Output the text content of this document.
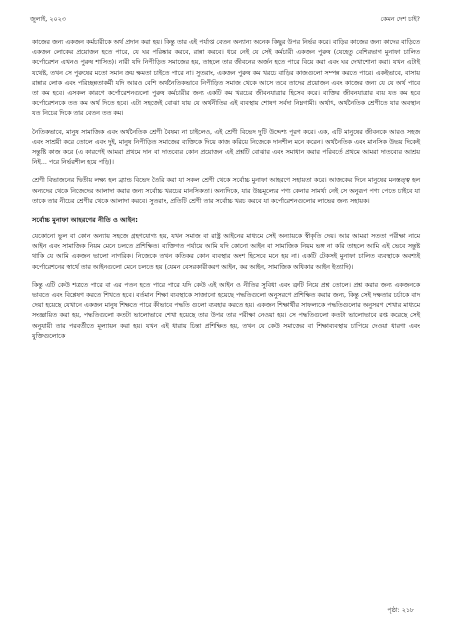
জুলাই, ২০২৩	কেমন দেশ চাই?

কাজের জন্য একজন কর্মচারীকে অর্থ প্রদান করা হয়। কিন্তু তার এই পর্যাপ্ত বেতন অন্যান্য অনেক কিছুর উপর নির্ভর করে। বাড়ির কাজের জন্য কাদের বাড়িতে একজন লোকের প্রয়োজন হতে পারে, যে ঘর পরিষ্কার করবে, রান্না করবে। ধরে নেই যে সেই কর্মচারী একজন পুরুষ (যেহেতু বেশিরভাগ মুনাফা চালিত কর্পোরেশন এখনও পুরুষ শাসিত)। নারী যদি নিপীড়িত সমাজের হয়, তাহলে তার জীবনের অর্জন হতে পারে বিয়ে করা এবং ঘর দেখাশোনা করা। যখন এটাই যথেষ্ট, তখন সে পুরুষের মতো সমান ক্রয় ক্ষমতা চাইতে পারে না। সুতরাং, একজন পুরুষ কম খরচে বাড়ির কাজগুলো সম্পন্ন করতে পারে। একইভাবে, বাসায় রান্নার লোক এবং পরিচ্ছন্নতাকর্মী যদি আরও বেশি অর্থনৈতিকভাবে নিপীড়িত সমাজ থেকে আসে তবে তাদের প্রয়োজন এবং কাজের জন্য যে যে অর্থ পাবে তা কম হবে। এসকল কারণে কর্পোরেশনগুলো পুরুষ কর্মচারীর জন্য একটি কম খরচের জীবনযাত্রার হিসেব করে। ব্যক্তির জীবনযাত্রার ব্যয় যত কম হবে কর্পোরেশনকে তত কম অর্থ দিতে হবে। এটা সহজেই বোঝা যায় যে অর্থনীতির এই ব্যবস্থায় শোষণ সর্বদা নিম্নগামী। অর্থাৎ, অর্থনৈতিক শ্রেণীতে যার অবস্থান যত নিচের দিকে তার বেতন তত কম।

নৈতিকভাবে, মানুষ সামাজিক এবং অর্থনৈতিক শ্রেণী বৈষম্য না চাইলেও, এই শ্রেণী বিভেদ দুটি উদ্দেশ্য পূরণ করে। এক, এটি মানুষের জীবনকে আরও সহজ এবং সাশ্রয়ী করে তোলে এবং দুই, মানুষ নিপীড়িত সমাজের ব্যক্তিকে দিয়ে কাজ করিয়ে নিজেকে দানশীল মনে করেন। অর্থনৈতিক এবং মানসিক উভয় দিকেই সন্তুষ্টি কাজ করে (এ কারণেই আমরা প্রথমে দান বা দাতব্যের কোন প্রয়োজন এই প্রশ্নটি বোঝার এবং সমাধান করার পরিবর্তে প্রথমে আমরা দাতব্যের আশ্রয় নিই... পরে নির্ভরশীল হয়ে পড়ি)।

শ্রেণী বিভাজনের দ্বিতীয় লক্ষ্য হল ব্র্যান্ড বিভেদ তৈরি করা যা সকল শ্রেণী থেকে সর্বোচ্চ মুনাফা আহরণে সহায়তা করে। আজকের দিনে মানুষের মনস্তত্ত্ব হল অন্যদের থেকে নিজেদের আলাদা করার জন্য সর্বোচ্চ খরচের মানসিকতা। অন্যদিকে, যার উচ্চমূল্যের পণ্য কেনার সামর্থ্য নেই সে অনুরূপ পণ্য পেতে চাইবে যা তাকে তার নীচের শ্রেণীর থেকে আলাদা করবে। সুতরাং, প্রতিটি শ্রেণী তার সর্বোচ্চ খরচ করবে যা কর্পোরেশনগুলোর লাভের জন্য সহায়ক।

সর্বোচ্চ মুনাফা আহরণের নীতি ও আইন:

যেকোনো ভুল বা কোন অন্যায় সহজে গ্রহণযোগ্য হয়, যখন সমাজ বা রাষ্ট্র আইনের মাধ্যমে সেই অন্যায়কে স্বীকৃতি দেয়। আর আমরা সততা পরীক্ষা নামে আইন এবং সামাজিক নিয়ম মেনে চলতে প্রশিক্ষিত। ব্যক্তিগত পর্যায়ে আমি যদি কোনো আইন বা সামাজিক নিয়ম ভঙ্গ না করি তাহলে আমি এই ভেবে সন্তুষ্ট থাকি যে আমি একজন ভালো নাগরিক। নিজেকে তখন কতিকর কোন ব্যবস্থার অংশ হিসেবে মনে হয় না। একটি টেকসই মুনাফা চালিত ব্যবস্থাকে অবশ্যই কর্পোরেশনের স্বার্থে তার আইনগুলো মেনে চলতে হয় (যেমন বেসরকারীকরণ আইন, কর আইন, সামাজিক অধিকার আইন ইত্যাদি)।

কিন্তু এটি কেউ শত্রতে পারে বা এর পতন হতে পারে পারে যদি কেউ এই আইন ও নীতির সুবিধা এবং ত্রুটি নিয়ে প্রশ্ন তোলে। প্রশ্ন করার জন্য একজনকে ভাবতে এবং বিশ্লেষণ করতে শিখতে হবে। বর্তমান শিক্ষা ব্যবস্থাকে সাজানো হয়েছে পদ্ধতিগুলো অনুসরণে প্রশিক্ষিত করার জন্য, কিন্তু সেই দক্ষতার চর্চাকে বাদ দেয়া হয়েছে যেখানে একজন মানুষ শিক্ষতে পারে কীভাবে পদ্ধতি গুলো ব্যবহার করতে হয়। একজন শিক্ষার্থীর সাফল্যকে পদ্ধতিগুলোর অনুসরণ শেখার মাধ্যমে সংজ্ঞায়িত করা হয়, পদ্ধতিগুলো কতটা ভালোভাবে শেখা হয়েছে তার উপর তার পরীক্ষা নেওয়া হয়। সে পদ্ধতিগুলো কতটা ভালোভাবে রপ্ত করেছে সেই অনুযায়ী তার পরবর্তীতে মূল্যায়ন করা হয়। যখন এই ধারায় চিন্তা প্রশিক্ষিত হয়, তখন যে কেউ সমাজের বা শিক্ষাব্যবস্থায় চাপিয়ে দেওয়া ধারণা এবং যুক্তিগুলোকে

পৃষ্ঠা: ২১৮
